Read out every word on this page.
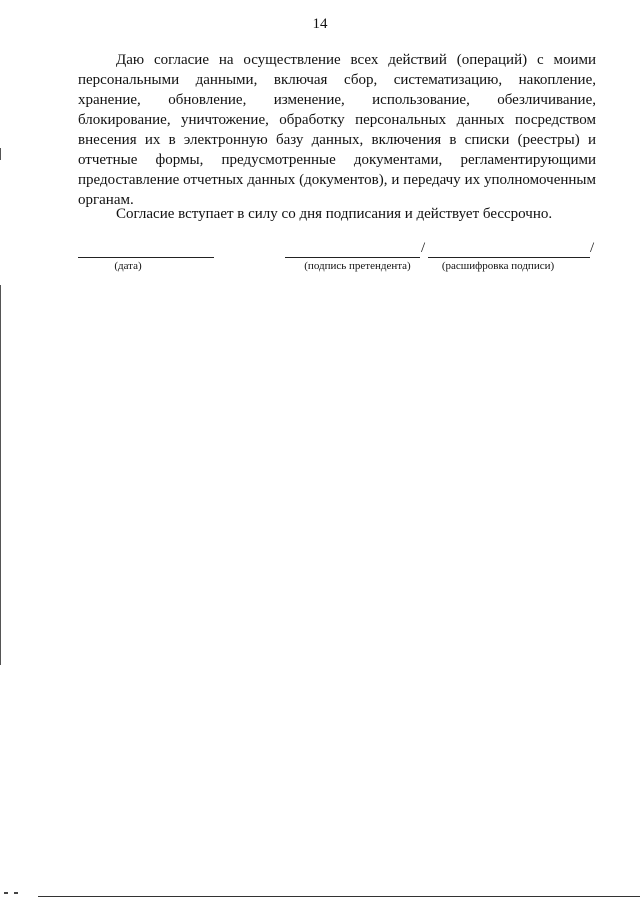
14

Даю согласие на осуществление всех действий (операций) с моими персональными данными, включая сбор, систематизацию, накопление, хранение, обновление, изменение, использование, обезличивание, блокирование, уничтожение, обработку персональных данных посредством внесения их в электронную базу данных, включения в списки (реестры) и отчетные формы, предусмотренные документами, регламентирующими предоставление отчетных данных (документов), и передачу их уполномоченным органам.

Согласие вступает в силу со дня подписания и действует бессрочно.

(дата)
/
(подпись претендента)
/
(расшифровка подписи)
